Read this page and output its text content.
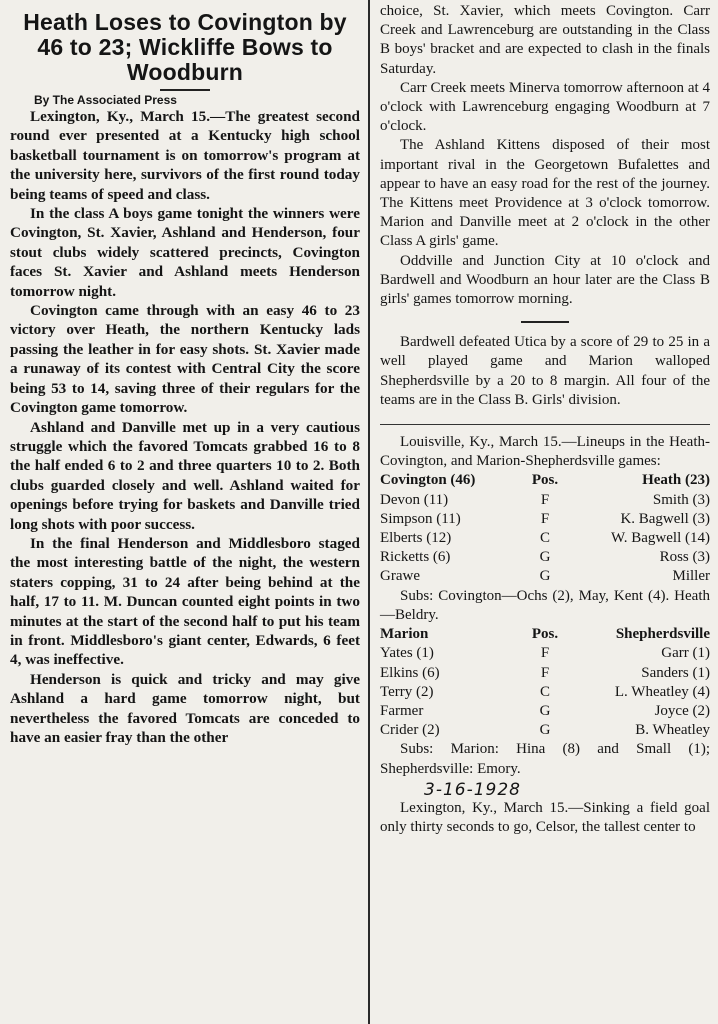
Heath Loses to Covington by 46 to 23; Wickliffe Bows to Woodburn
By The Associated Press

Lexington, Ky., March 15.—The greatest second round ever presented at a Kentucky high school basketball tournament is on tomorrow's program at the university here, survivors of the first round today being teams of speed and class.

In the class A boys game tonight the winners were Covington, St. Xavier, Ashland and Henderson, four stout clubs widely scattered precincts, Covington faces St. Xavier and Ashland meets Henderson tomorrow night.

Covington came through with an easy 46 to 23 victory over Heath, the northern Kentucky lads passing the leather in for easy shots. St. Xavier made a runaway of its contest with Central City the score being 53 to 14, saving three of their regulars for the Covington game tomorrow.

Ashland and Danville met up in a very cautious struggle which the favored Tomcats grabbed 16 to 8 the half ended 6 to 2 and three quarters 10 to 2. Both clubs guarded closely and well. Ashland waited for openings before trying for baskets and Danville tried long shots with poor success.

In the final Henderson and Middlesboro staged the most interesting battle of the night, the western staters copping, 31 to 24 after being behind at the half, 17 to 11. M. Duncan counted eight points in two minutes at the start of the second half to put his team in front. Middlesboro's giant center, Edwards, 6 feet 4, was ineffective.

Henderson is quick and tricky and may give Ashland a hard game tomorrow night, but nevertheless the favored Tomcats are conceded to have an easier fray than the other

choice, St. Xavier, which meets Covington. Carr Creek and Lawrenceburg are outstanding in the Class B boys' bracket and are expected to clash in the finals Saturday.

Carr Creek meets Minerva tomorrow afternoon at 4 o'clock with Lawrenceburg engaging Woodburn at 7 o'clock.

The Ashland Kittens disposed of their most important rival in the Georgetown Bufalettes and appear to have an easy road for the rest of the journey. The Kittens meet Providence at 3 o'clock tomorrow. Marion and Danville meet at 2 o'clock in the other Class A girls' game.

Oddville and Junction City at 10 o'clock and Bardwell and Woodburn an hour later are the Class B girls' games tomorrow morning.

Bardwell defeated Utica by a score of 29 to 25 in a well played game and Marion walloped Shepherdsville by a 20 to 8 margin. All four of the teams are in the Class B. Girls' division.

Louisville, Ky., March 15.—Lineups in the Heath-Covington, and Marion-Shepherdsville games:

Covington (46)	Pos.	Heath (23)
Devon (11)	F	Smith (3)
Simpson (11)	F	K. Bagwell (3)
Elberts (12)	C	W. Bagwell (14)
Ricketts (6)	G	Ross (3)
Grawe	G	Miller

Subs: Covington—Ochs (2), May, Kent (4). Heath—Beldry.

Marion	Pos.	Shepherdsville
Yates (1)	F	Garr (1)
Elkins (6)	F	Sanders (1)
Terry (2)	C	L. Wheatley (4)
Farmer	G	Joyce (2)
Crider (2)	G	B. Wheatley

Subs: Marion: Hina (8) and Small (1); Shepherdsville: Emory.

3-16-1928

Lexington, Ky., March 15.—Sinking a field goal only thirty seconds to go, Celsor, the tallest center to
